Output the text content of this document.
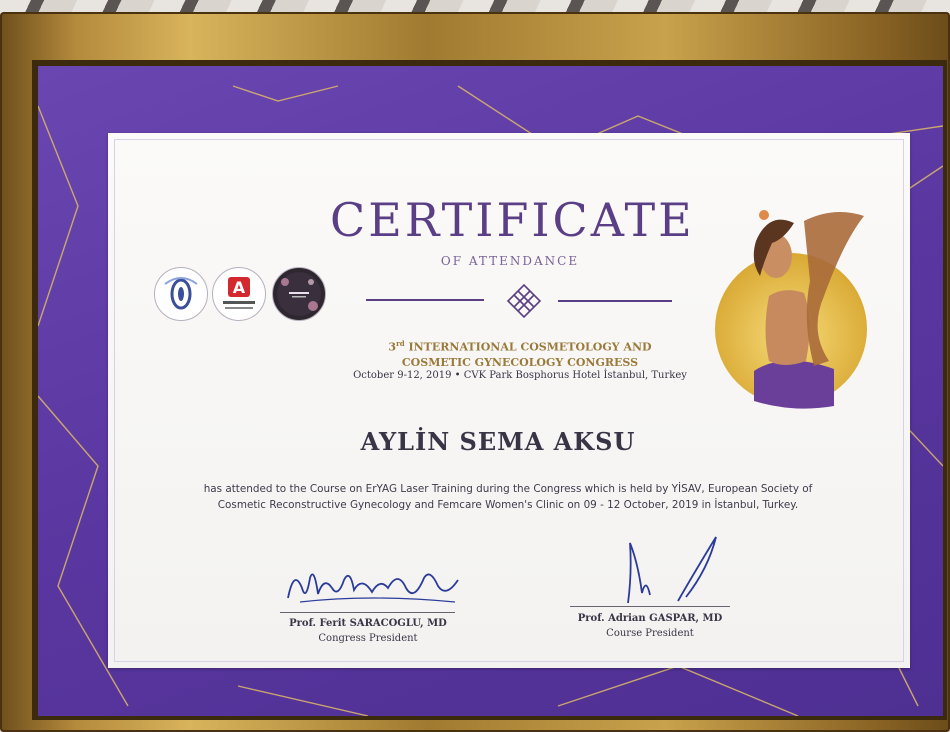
A
CERTIFICATE
OF ATTENDANCE
3rd INTERNATIONAL COSMETOLOGY AND
COSMETIC GYNECOLOGY CONGRESS
October 9-12, 2019 • CVK Park Bosphorus Hotel İstanbul, Turkey
AYLİN SEMA AKSU
has attended to the Course on ErYAG Laser Training during the Congress which is held by YİSAV, European Society of Cosmetic Reconstructive Gynecology and Femcare Women's Clinic on 09 - 12 October, 2019 in İstanbul, Turkey.
Prof. Ferit SARACOGLU, MD
Congress President
Prof. Adrian GASPAR, MD
Course President
